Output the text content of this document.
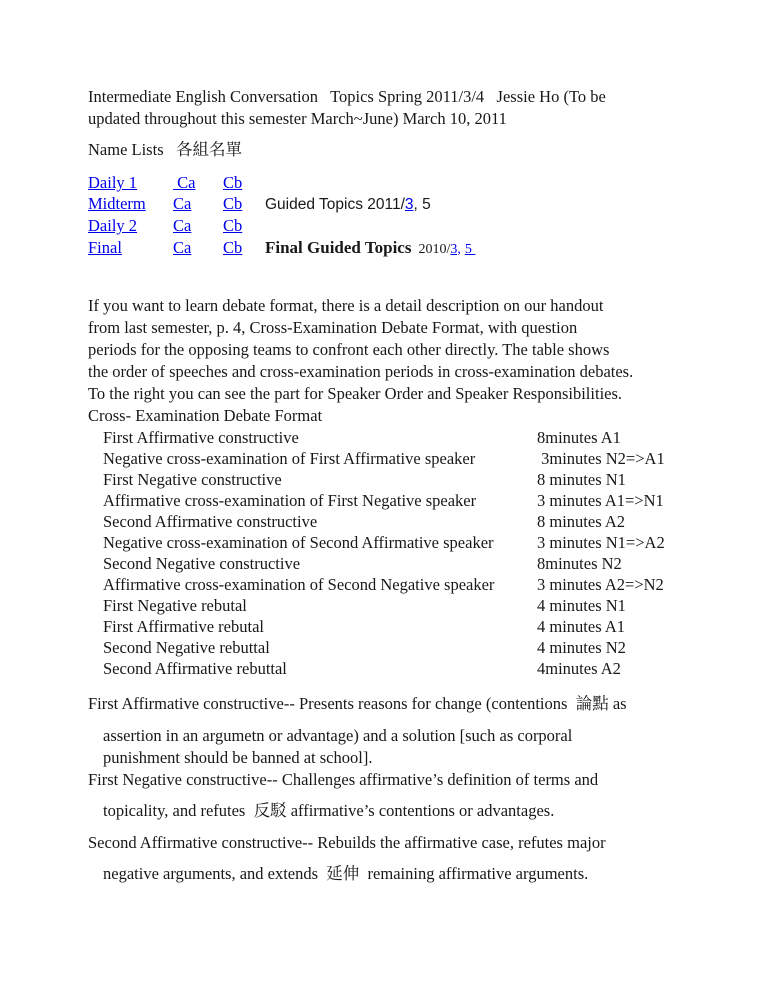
Intermediate English Conversation   Topics Spring 2011/3/4   Jessie Ho (To be
updated throughout this semester March~June) March 10, 2011
Name Lists   各組名單
Daily 1	Ca	Cb
Midterm	Ca	Cb	Guided Topics 2011/3, 5
Daily 2	Ca	Cb
Final	Ca	Cb	Final Guided Topics 2010/3, 5
If you want to learn debate format, there is a detail description on our handout
from last semester, p. 4, Cross-Examination Debate Format, with question
periods for the opposing teams to confront each other directly. The table shows
the order of speeches and cross-examination periods in cross-examination debates.
To the right you can see the part for Speaker Order and Speaker Responsibilities.
Cross- Examination Debate Format
First Affirmative constructive	8minutes A1
Negative cross-examination of First Affirmative speaker	3minutes N2=>A1
First Negative constructive	8 minutes N1
Affirmative cross-examination of First Negative speaker	3 minutes A1=>N1
Second Affirmative constructive	8 minutes A2
Negative cross-examination of Second Affirmative speaker	3 minutes N1=>A2
Second Negative constructive	8minutes N2
Affirmative cross-examination of Second Negative speaker	3 minutes A2=>N2
First Negative rebutal	4 minutes N1
First Affirmative rebutal	4 minutes A1
Second Negative rebuttal	4 minutes N2
Second Affirmative rebuttal	4minutes A2
First Affirmative constructive-- Presents reasons for change (contentions  論點 as
assertion in an argumetn or advantage) and a solution [such as corporal
punishment should be banned at school].
First Negative constructive-- Challenges affirmative’s definition of terms and
topicality, and refutes  反駁 affirmative’s contentions or advantages.
Second Affirmative constructive-- Rebuilds the affirmative case, refutes major
negative arguments, and extends  延伸  remaining affirmative arguments.
